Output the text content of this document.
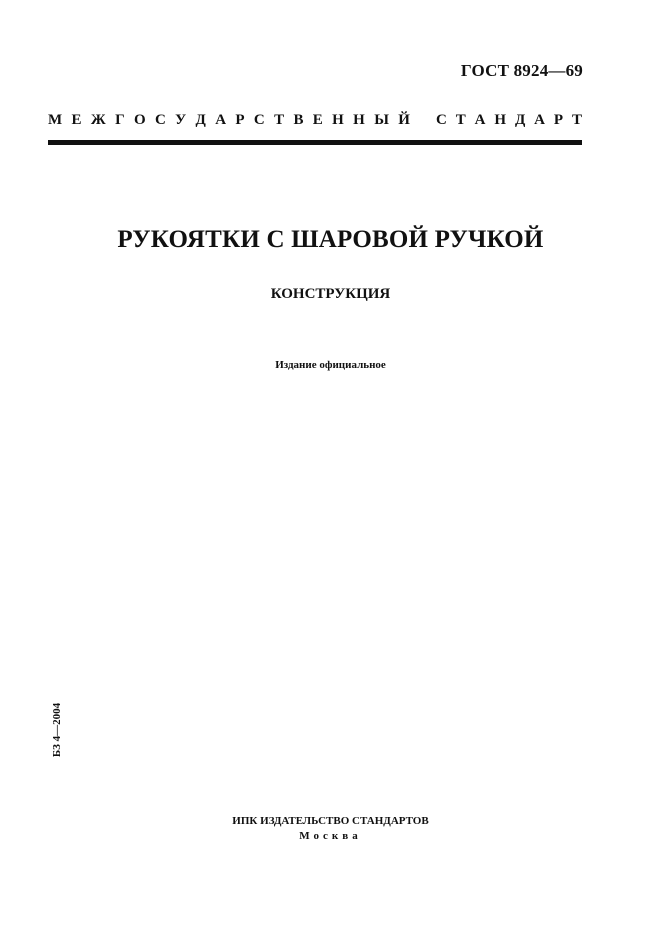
ГОСТ 8924—69
М Е Ж Г О С У Д А Р С Т В Е Н Н Ы Й С Т А Н Д А Р Т
РУКОЯТКИ С ШАРОВОЙ РУЧКОЙ
КОНСТРУКЦИЯ
Издание официальное
БЗ 4—2004
ИПК ИЗДАТЕЛЬСТВО СТАНДАРТОВ
Москва
